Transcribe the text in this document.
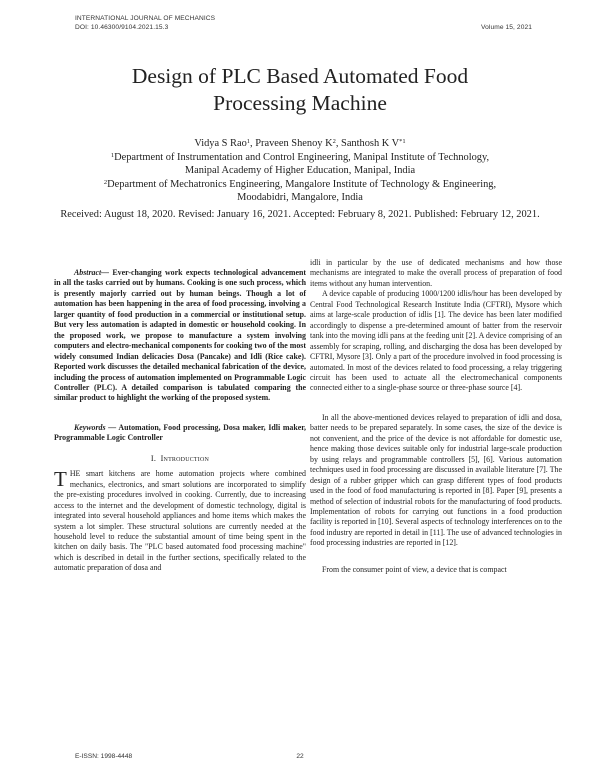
INTERNATIONAL JOURNAL OF MECHANICS
DOI: 10.46300/9104.2021.15.3	Volume 15, 2021
Design of PLC Based Automated Food
Processing Machine
Vidya S Rao$^1$, Praveen Shenoy $K^2$, Santhosh K $V^{*1}$
$^1$Department of Instrumentation and Control Engineering, Manipal Institute of Technology,
Manipal Academy of Higher Education, Manipal, India
$^2$Department of Mechatronics Engineering, Mangalore Institute of Technology & Engineering,
Moodabidri, Mangalore, India
Received: August 18, 2020. Revised: January 16, 2021. Accepted: February 8, 2021. Published: February 12, 2021.

Abstract— Ever-changing work expects technological advancement in all the tasks carried out by humans. Cooking is one such process, which is presently majorly carried out by human beings. Though a lot of automation has been happening in the area of food processing, involving a larger quantity of food production in a commercial or institutional setup. But very less automation is adapted in domestic or household cooking. In the proposed work, we propose to manufacture a system involving computers and electro-mechanical components for cooking two of the most widely consumed Indian delicacies Dosa (Pancake) and Idli (Rice cake). Reported work discusses the detailed mechanical fabrication of the device, including the process of automation implemented on Programmable Logic Controller (PLC). A detailed comparison is tabulated comparing the similar product to highlight the working of the proposed system.

Keywords — Automation, Food processing, Dosa maker, Idli maker, Programmable Logic Controller

I. Introduction

THE smart kitchens are home automation projects where combined mechanics, electronics, and smart solutions are incorporated to simplify the pre-existing procedures involved in cooking. Currently, due to increasing access to the internet and the development of domestic technology, digital is integrated into several household appliances and home items which makes the system a lot simpler. These structural solutions are currently needed at the household level to reduce the substantial amount of time being spent in the kitchen on daily basis. The "PLC based automated food processing machine" which is described in detail in the further sections, specifically related to the automatic preparation of dosa and

idli in particular by the use of dedicated mechanisms and how those mechanisms are integrated to make the overall process of preparation of food items without any human intervention.

A device capable of producing 1000/1200 idlis/hour has been developed by Central Food Technological Research Institute India (CFTRI), Mysore which aims at large-scale production of idlis [1]. The device has been later modified accordingly to dispense a pre-determined amount of batter from the reservoir tank into the moving idli pans at the feeding unit [2]. A device comprising of an assembly for scraping, rolling, and discharging the dosa has been developed by CFTRI, Mysore [3]. Only a part of the procedure involved in food processing is automated. In most of the devices related to food processing, a relay triggering circuit has been used to actuate all the electromechanical components connected either to a single-phase source or three-phase source [4].

In all the above-mentioned devices relayed to preparation of idli and dosa, batter needs to be prepared separately. In some cases, the size of the device is not convenient, and the price of the device is not affordable for domestic use, hence making those devices suitable only for industrial large-scale production by using relays and programmable controllers [5], [6]. Various automation techniques used in food processing are discussed in available literature [7]. The design of a rubber gripper which can grasp different types of food products used in the food of food manufacturing is reported in [8]. Paper [9], presents a method of selection of industrial robots for the manufacturing of food products. Implementation of robots for carrying out functions in a food production facility is reported in [10]. Several aspects of technology interferences on to the food industry are reported in detail in [11]. The use of advanced technologies in food processing industries are reported in [12].

From the consumer point of view, a device that is compact

E-ISSN: 1998-4448	22
